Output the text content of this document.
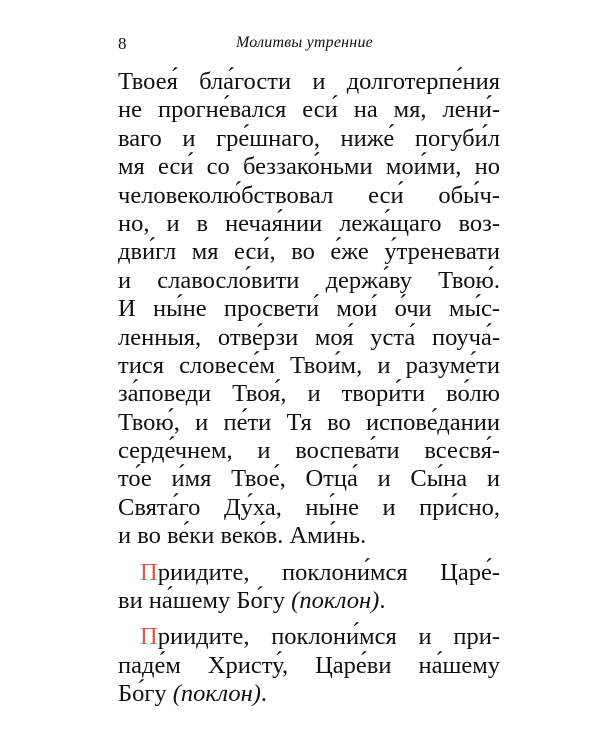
8	Молитвы утренние
Твоея́ бла́гости и долготерпе́ния
не прогне́вался еси́ на мя, лени́-
ваго и гре́шнаго, ниже́ погуби́л
мя еси́ со беззако́ньми мои́ми, но
человеколю́бствовал еси́ обы́ч-
но, и в нечая́нии лежа́щаго воз-
дви́гл мя еси́, во е́же у́треневати
и славосло́вити держа́ву Твою́.
И ны́не просвети́ мои́ о́чи мы́с-
ленныя, отве́рзи моя́ уста́ поуча́-
тися словесе́м Твои́м, и разуме́ти
за́поведи Твоя́, и твори́ти во́лю
Твою́, и пе́ти Тя во испове́дании
серде́чнем, и воспева́ти всесвя́-
то́е и́мя Твое́, Отца́ и Сы́на и
Свята́го Ду́ха, ны́не и при́сно,
и во ве́ки веко́в. Ами́нь.
Приидите, поклони́мся Царе́-
ви на́шему Бо́гу (поклон).
Приидите, поклони́мся и при-
паде́м Христу́, Царе́ви на́шему
Бо́гу (поклон).
